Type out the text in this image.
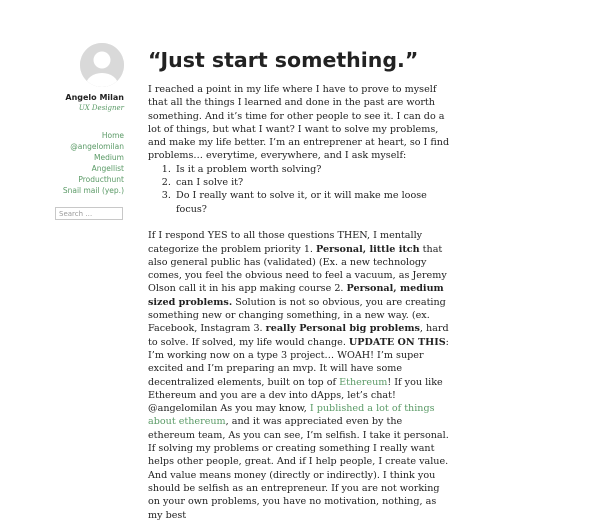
Angelo Milan
UX Designer
Home
@angelomilan
Medium
Angellist
Producthunt
Snail mail (yep.)
Search …
“Just start something.”

I reached a point in my life where I have to prove to myself that all the things I learned and done in the past are worth something. And it’s time for other people to see it. I can do a lot of things, but what I want? I want to solve my problems, and make my life better. I’m an entreprener at heart, so I find problems… everytime, everywhere, and I ask myself:

1. Is it a problem worth solving?
2. can I solve it?
3. Do I really want to solve it, or it will make me loose focus?

If I respond YES to all those questions THEN, I mentally categorize the problem priority 1. Personal, little itch that also general public has (validated) (Ex. a new technology comes, you feel the obvious need to feel a vacuum, as Jeremy Olson call it in his app making course 2. Personal, medium sized problems. Solution is not so obvious, you are creating something new or changing something, in a new way. (ex. Facebook, Instagram 3. really Personal big problems, hard to solve. If solved, my life would change. UPDATE ON THIS: I’m working now on a type 3 project… WOAH! I’m super excited and I’m preparing an mvp. It will have some decentralized elements, built on top of Ethereum! If you like Ethereum and you are a dev into dApps, let’s chat! @angelomilan As you may know, I published a lot of things about ethereum, and it was appreciated even by the ethereum team, As you can see, I’m selfish. I take it personal. If solving my problems or creating something I really want helps other people, great. And if I help people, I create value. And value means money (directly or indirectly). I think you should be selfish as an entrepreneur. If you are not working on your own problems, you have no motivation, nothing, as my best
